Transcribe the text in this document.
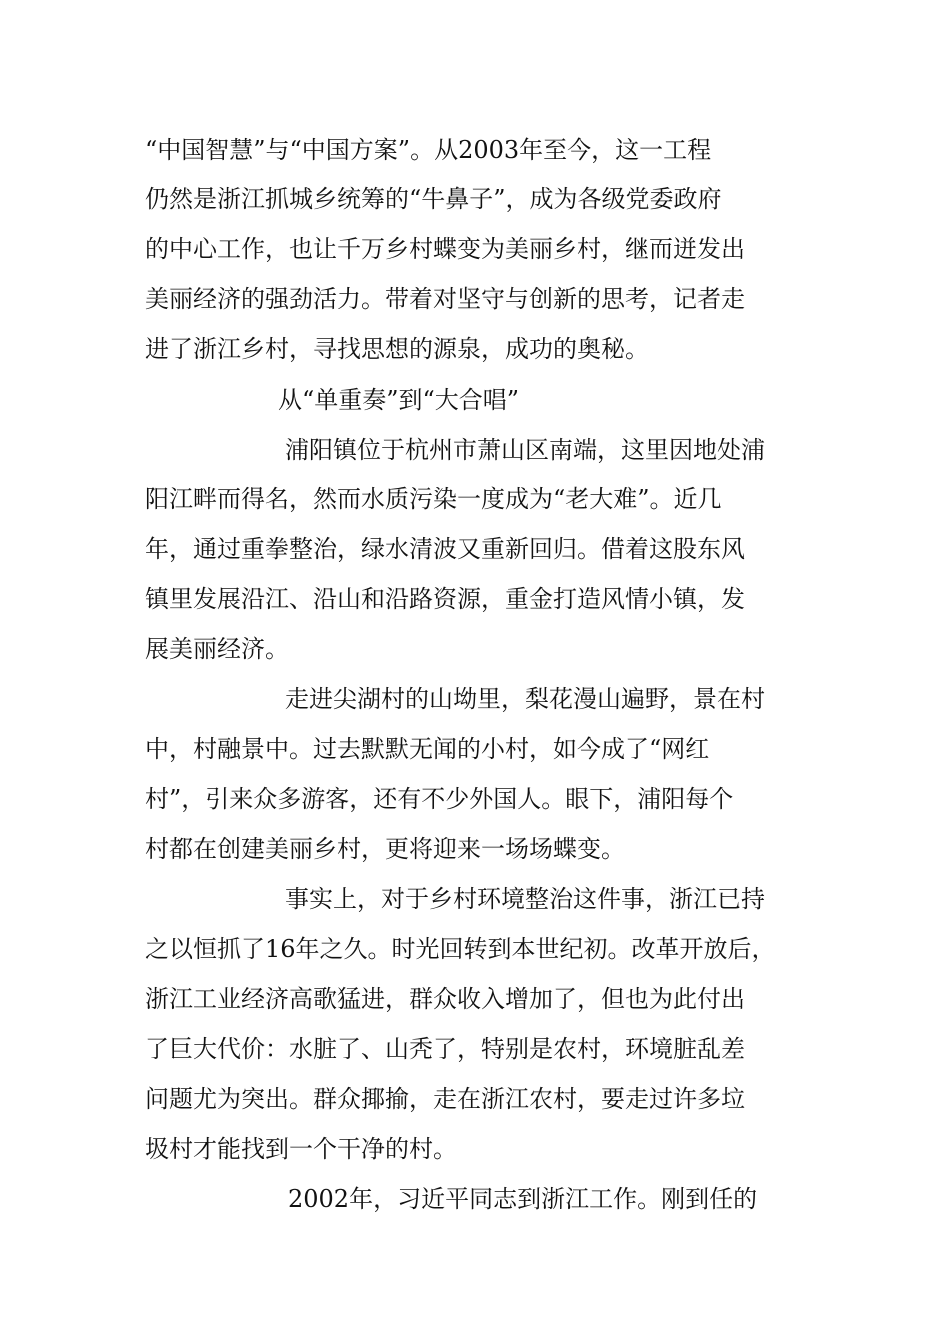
“中国智慧”与“中国方案”。从2003年至今，这一工程
仍然是浙江抓城乡统筹的“牛鼻子”，成为各级党委政府
的中心工作，也让千万乡村蝶变为美丽乡村，继而迸发出
美丽经济的强劲活力。带着对坚守与创新的思考，记者走
进了浙江乡村，寻找思想的源泉，成功的奥秘。
从“单重奏”到“大合唱”
浦阳镇位于杭州市萧山区南端，这里因地处浦
阳江畔而得名，然而水质污染一度成为“老大难”。近几
年，通过重拳整治，绿水清波又重新回归。借着这股东风
镇里发展沿江、沿山和沿路资源，重金打造风情小镇，发
展美丽经济。
走进尖湖村的山坳里，梨花漫山遍野，景在村
中，村融景中。过去默默无闻的小村，如今成了“网红
村”，引来众多游客，还有不少外国人。眼下，浦阳每个
村都在创建美丽乡村，更将迎来一场场蝶变。
事实上，对于乡村环境整治这件事，浙江已持
之以恒抓了16年之久。时光回转到本世纪初。改革开放后，
浙江工业经济高歌猛进，群众收入增加了，但也为此付出
了巨大代价：水脏了、山秃了，特别是农村，环境脏乱差
问题尤为突出。群众揶揄，走在浙江农村，要走过许多垃
圾村才能找到一个干净的村。
2002年，习近平同志到浙江工作。刚到任的
